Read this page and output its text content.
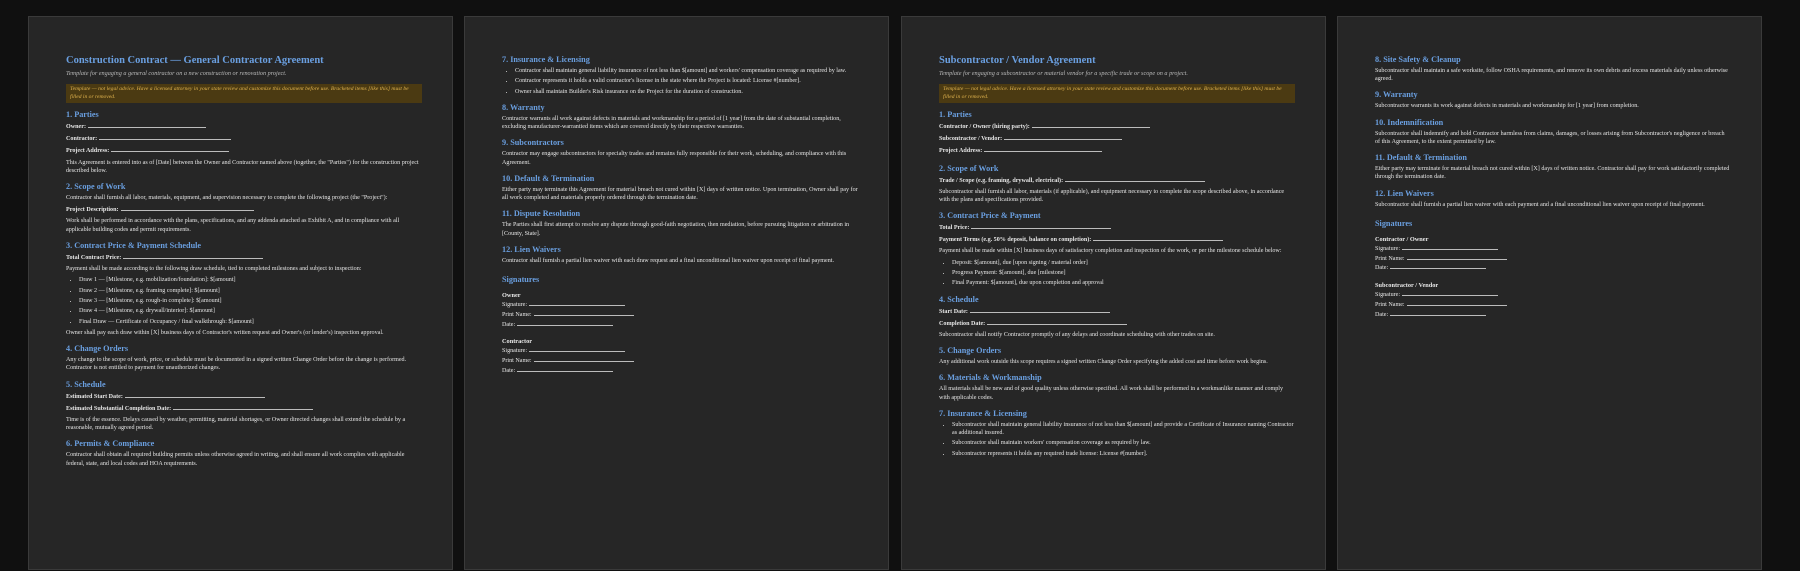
Construction Contract — General Contractor Agreement
Template for engaging a general contractor on a new construction or renovation project.
Template — not legal advice. Have a licensed attorney in your state review and customize this document before use. Bracketed items [like this] must be filled in or removed.
1. Parties
Owner:
Contractor:
Project Address:
This Agreement is entered into as of [Date] between the Owner and Contractor named above (together, the "Parties") for the construction project described below.
2. Scope of Work
Contractor shall furnish all labor, materials, equipment, and supervision necessary to complete the following project (the "Project"):
Project Description:
Work shall be performed in accordance with the plans, specifications, and any addenda attached as Exhibit A, and in compliance with all applicable building codes and permit requirements.
3. Contract Price & Payment Schedule
Total Contract Price:
Payment shall be made according to the following draw schedule, tied to completed milestones and subject to inspection:
• Draw 1 — [Milestone, e.g. mobilization/foundation]: $[amount]
• Draw 2 — [Milestone, e.g. framing complete]: $[amount]
• Draw 3 — [Milestone, e.g. rough-in complete]: $[amount]
• Draw 4 — [Milestone, e.g. drywall/interior]: $[amount]
• Final Draw — Certificate of Occupancy / final walkthrough: $[amount]
Owner shall pay each draw within [X] business days of Contractor's written request and Owner's (or lender's) inspection approval.
4. Change Orders
Any change to the scope of work, price, or schedule must be documented in a signed written Change Order before the change is performed. Contractor is not entitled to payment for unauthorized changes.
5. Schedule
Estimated Start Date:
Estimated Substantial Completion Date:
Time is of the essence. Delays caused by weather, permitting, material shortages, or Owner directed changes shall extend the schedule by a reasonable, mutually agreed period.
6. Permits & Compliance
Contractor shall obtain all required building permits unless otherwise agreed in writing, and shall ensure all work complies with applicable federal, state, and local codes and HOA requirements.
7. Insurance & Licensing
• Contractor shall maintain general liability insurance of not less than $[amount] and workers' compensation coverage as required by law.
• Contractor represents it holds a valid contractor's license in the state where the Project is located: License #[number].
• Owner shall maintain Builder's Risk insurance on the Project for the duration of construction.
8. Warranty
Contractor warrants all work against defects in materials and workmanship for a period of [1 year] from the date of substantial completion, excluding manufacturer-warrantied items which are covered directly by their respective warranties.
9. Subcontractors
Contractor may engage subcontractors for specialty trades and remains fully responsible for their work, scheduling, and compliance with this Agreement.
10. Default & Termination
Either party may terminate this Agreement for material breach not cured within [X] days of written notice. Upon termination, Owner shall pay for all work completed and materials properly ordered through the termination date.
11. Dispute Resolution
The Parties shall first attempt to resolve any dispute through good-faith negotiation, then mediation, before pursuing litigation or arbitration in [County, State].
12. Lien Waivers
Contractor shall furnish a partial lien waiver with each draw request and a final unconditional lien waiver upon receipt of final payment.
Signatures
Owner
Signature:
Print Name:
Date:
Contractor
Signature:
Print Name:
Date:
Subcontractor / Vendor Agreement
Template for engaging a subcontractor or material vendor for a specific trade or scope on a project.
Template — not legal advice. Have a licensed attorney in your state review and customize this document before use. Bracketed items [like this] must be filled in or removed.
1. Parties
Contractor / Owner (hiring party):
Subcontractor / Vendor:
Project Address:
2. Scope of Work
Trade / Scope (e.g. framing, drywall, electrical):
Subcontractor shall furnish all labor, materials (if applicable), and equipment necessary to complete the scope described above, in accordance with the plans and specifications provided.
3. Contract Price & Payment
Total Price:
Payment Terms (e.g. 50% deposit, balance on completion):
Payment shall be made within [X] business days of satisfactory completion and inspection of the work, or per the milestone schedule below:
• Deposit: $[amount], due [upon signing / material order]
• Progress Payment: $[amount], due [milestone]
• Final Payment: $[amount], due upon completion and approval
4. Schedule
Start Date:
Completion Date:
Subcontractor shall notify Contractor promptly of any delays and coordinate scheduling with other trades on site.
5. Change Orders
Any additional work outside this scope requires a signed written Change Order specifying the added cost and time before work begins.
6. Materials & Workmanship
All materials shall be new and of good quality unless otherwise specified. All work shall be performed in a workmanlike manner and comply with applicable codes.
7. Insurance & Licensing
• Subcontractor shall maintain general liability insurance of not less than $[amount] and provide a Certificate of Insurance naming Contractor as additional insured.
• Subcontractor shall maintain workers' compensation coverage as required by law.
• Subcontractor represents it holds any required trade license: License #[number].
8. Site Safety & Cleanup
Subcontractor shall maintain a safe worksite, follow OSHA requirements, and remove its own debris and excess materials daily unless otherwise agreed.
9. Warranty
Subcontractor warrants its work against defects in materials and workmanship for [1 year] from completion.
10. Indemnification
Subcontractor shall indemnify and hold Contractor harmless from claims, damages, or losses arising from Subcontractor's negligence or breach of this Agreement, to the extent permitted by law.
11. Default & Termination
Either party may terminate for material breach not cured within [X] days of written notice. Contractor shall pay for work satisfactorily completed through the termination date.
12. Lien Waivers
Subcontractor shall furnish a partial lien waiver with each payment and a final unconditional lien waiver upon receipt of final payment.
Signatures
Contractor / Owner
Signature:
Print Name:
Date:
Subcontractor / Vendor
Signature:
Print Name:
Date:
